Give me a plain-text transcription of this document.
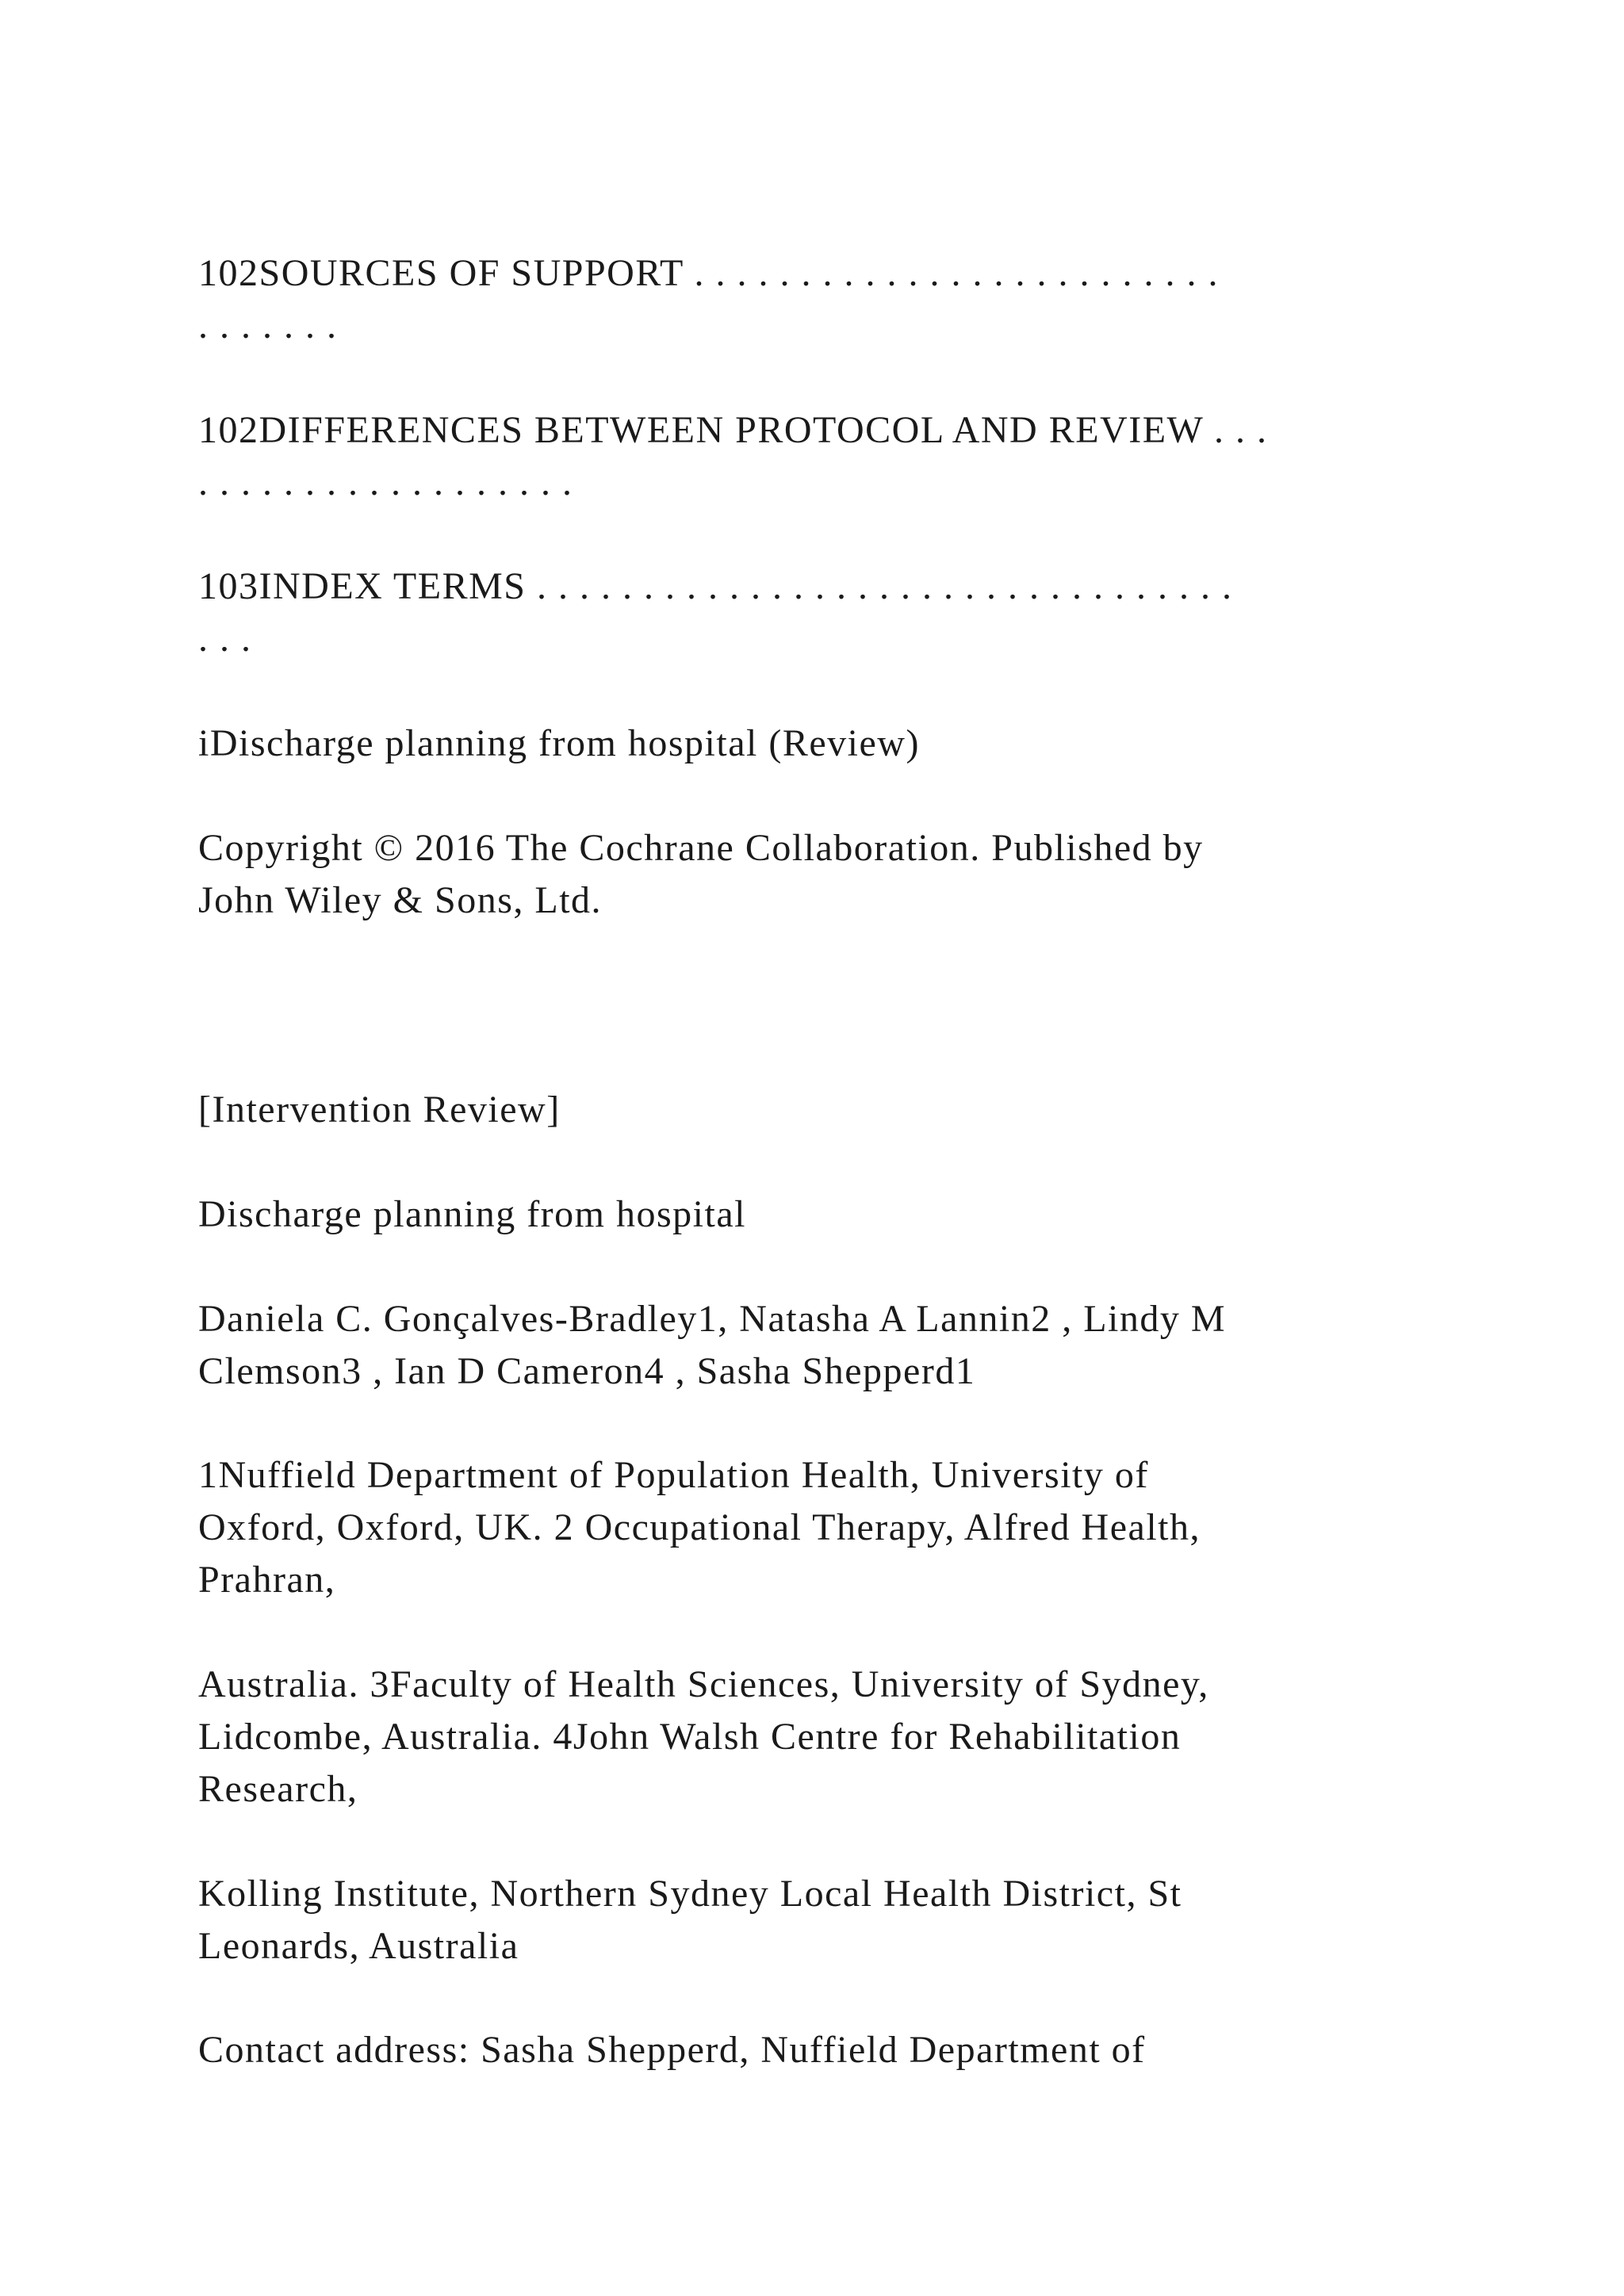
102SOURCES OF SUPPORT . . . . . . . . . . . . . . . . . . . . . . . . .
. . . . . . .

102DIFFERENCES BETWEEN PROTOCOL AND REVIEW . . .
. . . . . . . . . . . . . . . . . .

103INDEX TERMS . . . . . . . . . . . . . . . . . . . . . . . . . . . . . . . . .
. . .

iDischarge planning from hospital (Review)

Copyright © 2016 The Cochrane Collaboration. Published by
John Wiley & Sons, Ltd.

[Intervention Review]

Discharge planning from hospital

Daniela C. Gonçalves-Bradley1, Natasha A Lannin2 , Lindy M
Clemson3 , Ian D Cameron4 , Sasha Shepperd1

1Nuffield Department of Population Health, University of
Oxford, Oxford, UK. 2 Occupational Therapy, Alfred Health,
Prahran,

Australia. 3Faculty of Health Sciences, University of Sydney,
Lidcombe, Australia. 4John Walsh Centre for Rehabilitation
Research,

Kolling Institute, Northern Sydney Local Health District, St
Leonards, Australia

Contact address: Sasha Shepperd, Nuffield Department of
